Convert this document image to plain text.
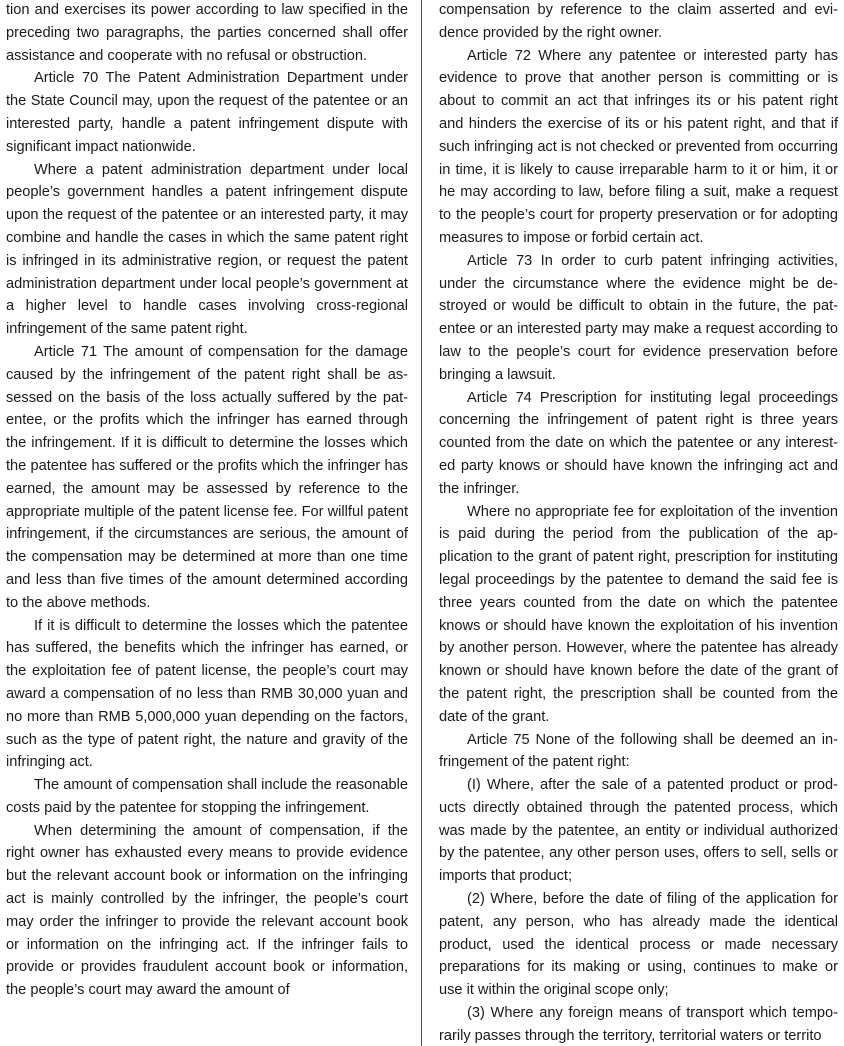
tion and exercises its power according to law specified in the preceding two paragraphs, the parties concerned shall offer assistance and cooperate with no refusal or obstruction.

Article 70 The Patent Administration Department under the State Council may, upon the request of the patentee or an interested party, handle a patent infringement dispute with significant impact nationwide.

Where a patent administration department under local people’s government handles a patent infringement dispute upon the request of the patentee or an interested party, it may combine and handle the cases in which the same patent right is infringed in its administrative region, or request the patent administration department under local people’s government at a higher level to handle cases involving cross-regional infringement of the same patent right.

Article 71 The amount of compensation for the damage caused by the infringement of the patent right shall be assessed on the basis of the loss actually suffered by the patentee, or the profits which the infringer has earned through the infringement. If it is difficult to determine the losses which the patentee has suffered or the profits which the infringer has earned, the amount may be assessed by reference to the appropriate multiple of the patent license fee. For willful patent infringement, if the circumstances are serious, the amount of the compensation may be determined at more than one time and less than five times of the amount determined according to the above methods.

If it is difficult to determine the losses which the patentee has suffered, the benefits which the infringer has earned, or the exploitation fee of patent license, the people’s court may award a compensation of no less than RMB 30,000 yuan and no more than RMB 5,000,000 yuan depending on the factors, such as the type of patent right, the nature and gravity of the infringing act.

The amount of compensation shall include the reasonable costs paid by the patentee for stopping the infringement.

When determining the amount of compensation, if the right owner has exhausted every means to provide evidence but the relevant account book or information on the infringing act is mainly controlled by the infringer, the people’s court may order the infringer to provide the relevant account book or information on the infringing act. If the infringer fails to provide or provides fraudulent account book or information, the people’s court may award the amount of

compensation by reference to the claim asserted and evidence provided by the right owner.

Article 72 Where any patentee or interested party has evidence to prove that another person is committing or is about to commit an act that infringes its or his patent right and hinders the exercise of its or his patent right, and that if such infringing act is not checked or prevented from occurring in time, it is likely to cause irreparable harm to it or him, it or he may according to law, before filing a suit, make a request to the people’s court for property preservation or for adopting measures to impose or forbid certain act.

Article 73 In order to curb patent infringing activities, under the circumstance where the evidence might be destroyed or would be difficult to obtain in the future, the patentee or an interested party may make a request according to law to the people’s court for evidence preservation before bringing a lawsuit.

Article 74 Prescription for instituting legal proceedings concerning the infringement of patent right is three years counted from the date on which the patentee or any interested party knows or should have known the infringing act and the infringer.

Where no appropriate fee for exploitation of the invention is paid during the period from the publication of the application to the grant of patent right, prescription for instituting legal proceedings by the patentee to demand the said fee is three years counted from the date on which the patentee knows or should have known the exploitation of his invention by another person. However, where the patentee has already known or should have known before the date of the grant of the patent right, the prescription shall be counted from the date of the grant.

Article 75 None of the following shall be deemed an infringement of the patent right:

(I) Where, after the sale of a patented product or products directly obtained through the patented process, which was made by the patentee, an entity or individual authorized by the patentee, any other person uses, offers to sell, sells or imports that product;

(2) Where, before the date of filing of the application for patent, any person, who has already made the identical product, used the identical process or made necessary preparations for its making or using, continues to make or use it within the original scope only;

(3) Where any foreign means of transport which temporarily passes through the territory, territorial waters or territo
